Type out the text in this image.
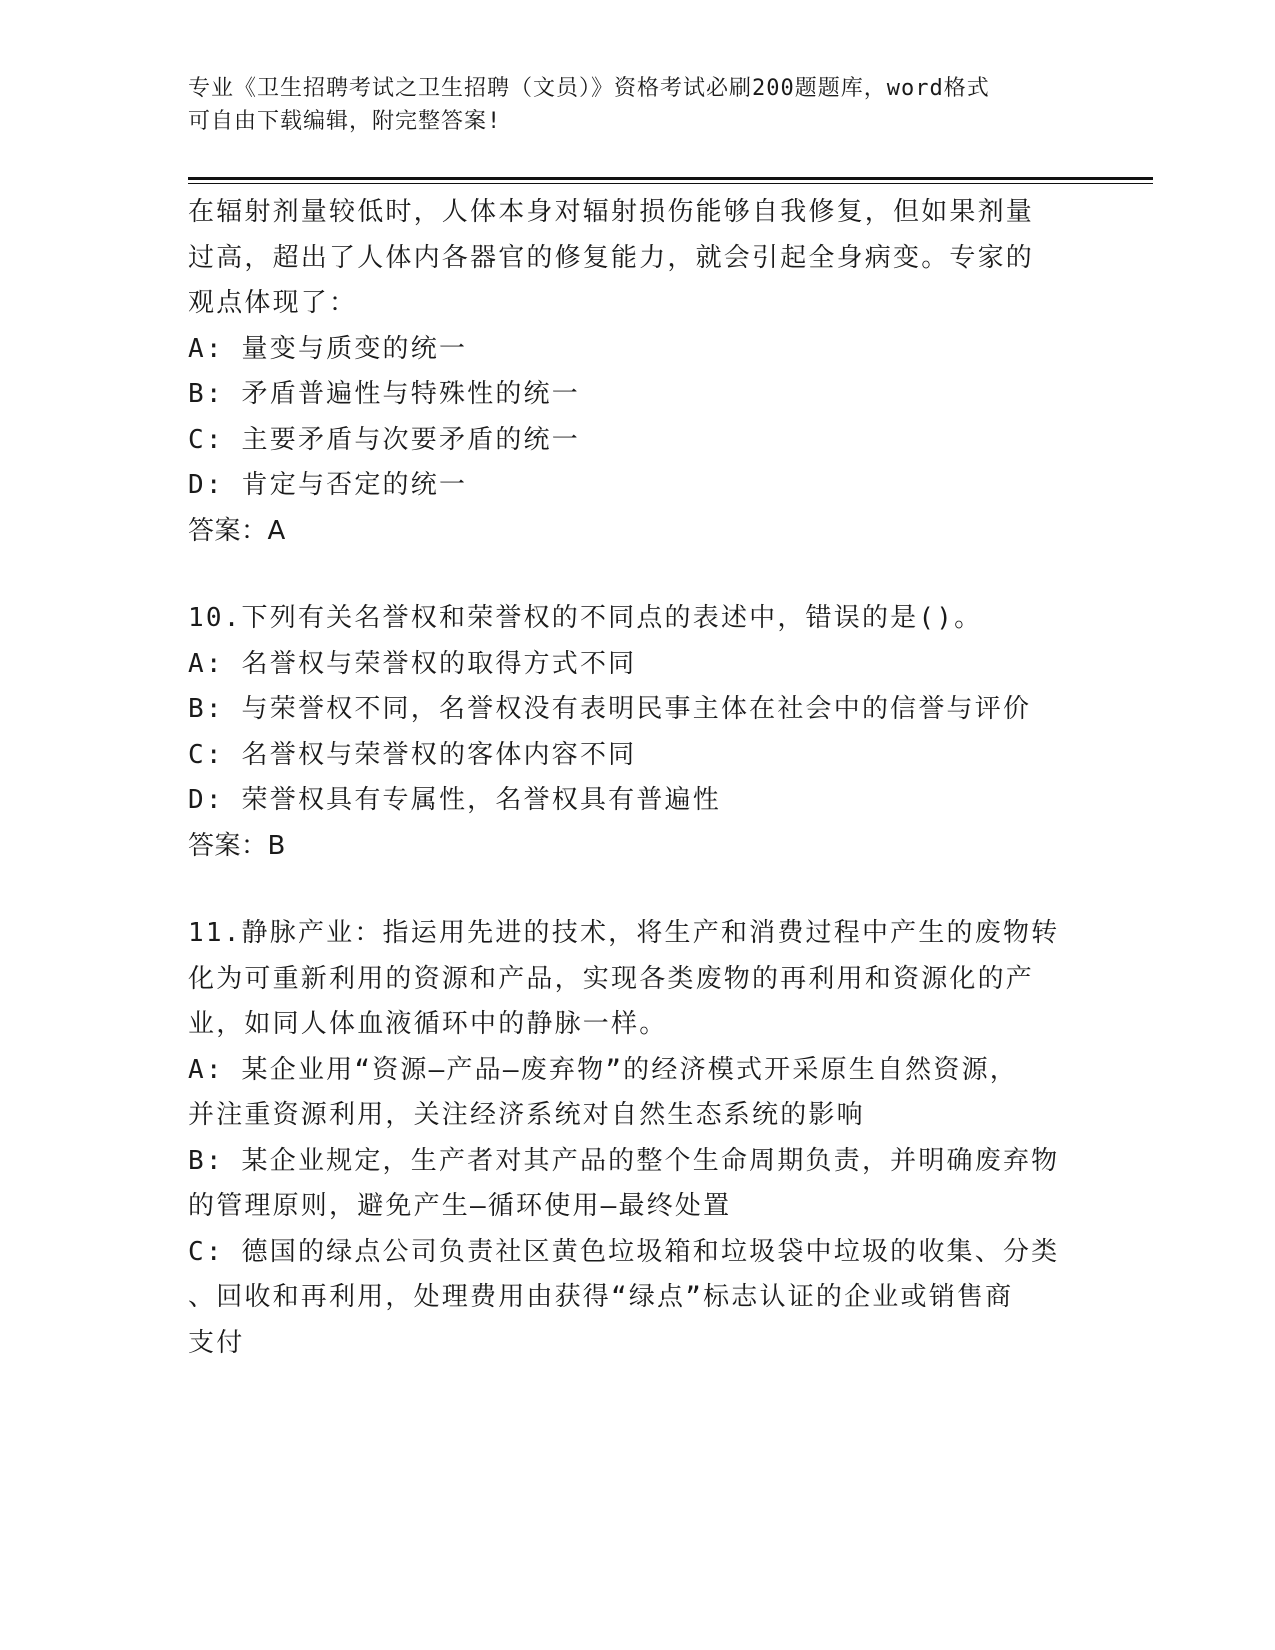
专业《卫生招聘考试之卫生招聘（文员）》资格考试必刷200题题库，word格式
可自由下载编辑，附完整答案!
在辐射剂量较低时，人体本身对辐射损伤能够自我修复，但如果剂量
过高，超出了人体内各器官的修复能力，就会引起全身病变。专家的
观点体现了：
A: 量变与质变的统一
B: 矛盾普遍性与特殊性的统一
C: 主要矛盾与次要矛盾的统一
D: 肯定与否定的统一
答案：A
10.下列有关名誉权和荣誉权的不同点的表述中，错误的是()。
A: 名誉权与荣誉权的取得方式不同
B: 与荣誉权不同，名誉权没有表明民事主体在社会中的信誉与评价
C: 名誉权与荣誉权的客体内容不同
D: 荣誉权具有专属性，名誉权具有普遍性
答案：B
11.静脉产业：指运用先进的技术，将生产和消费过程中产生的废物转
化为可重新利用的资源和产品，实现各类废物的再利用和资源化的产
业，如同人体血液循环中的静脉一样。
A: 某企业用“资源—产品—废弃物”的经济模式开采原生自然资源，
并注重资源利用，关注经济系统对自然生态系统的影响
B: 某企业规定，生产者对其产品的整个生命周期负责，并明确废弃物
的管理原则，避免产生—循环使用—最终处置
C: 德国的绿点公司负责社区黄色垃圾箱和垃圾袋中垃圾的收集、分类
、回收和再利用，处理费用由获得“绿点”标志认证的企业或销售商
支付
